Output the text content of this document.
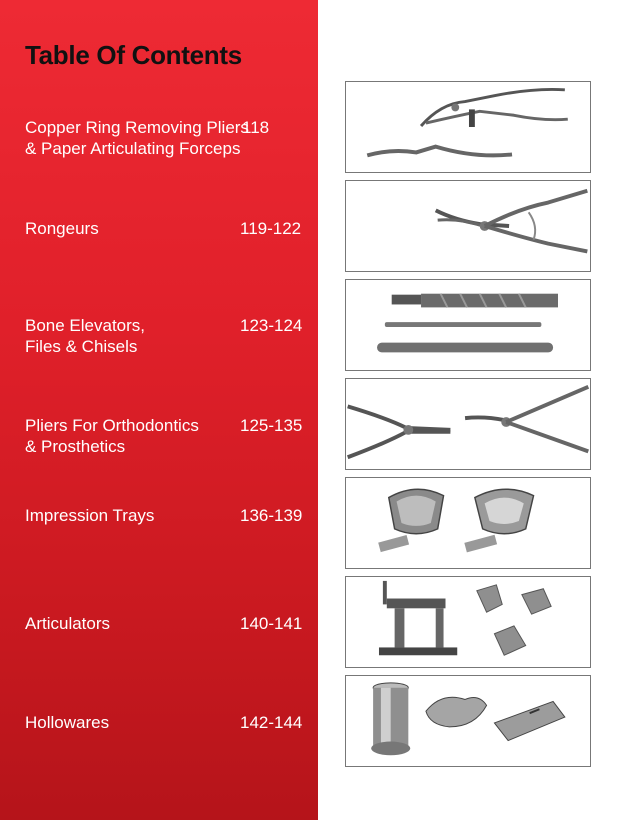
Table Of Contents
Copper Ring Removing Pliers
& Paper Articulating Forceps
118
Rongeurs	119-122
Bone Elevators,
Files & Chisels
123-124
Pliers For Orthodontics
& Prosthetics
125-135
Impression Trays	136-139
Articulators	140-141
Hollowares	142-144
